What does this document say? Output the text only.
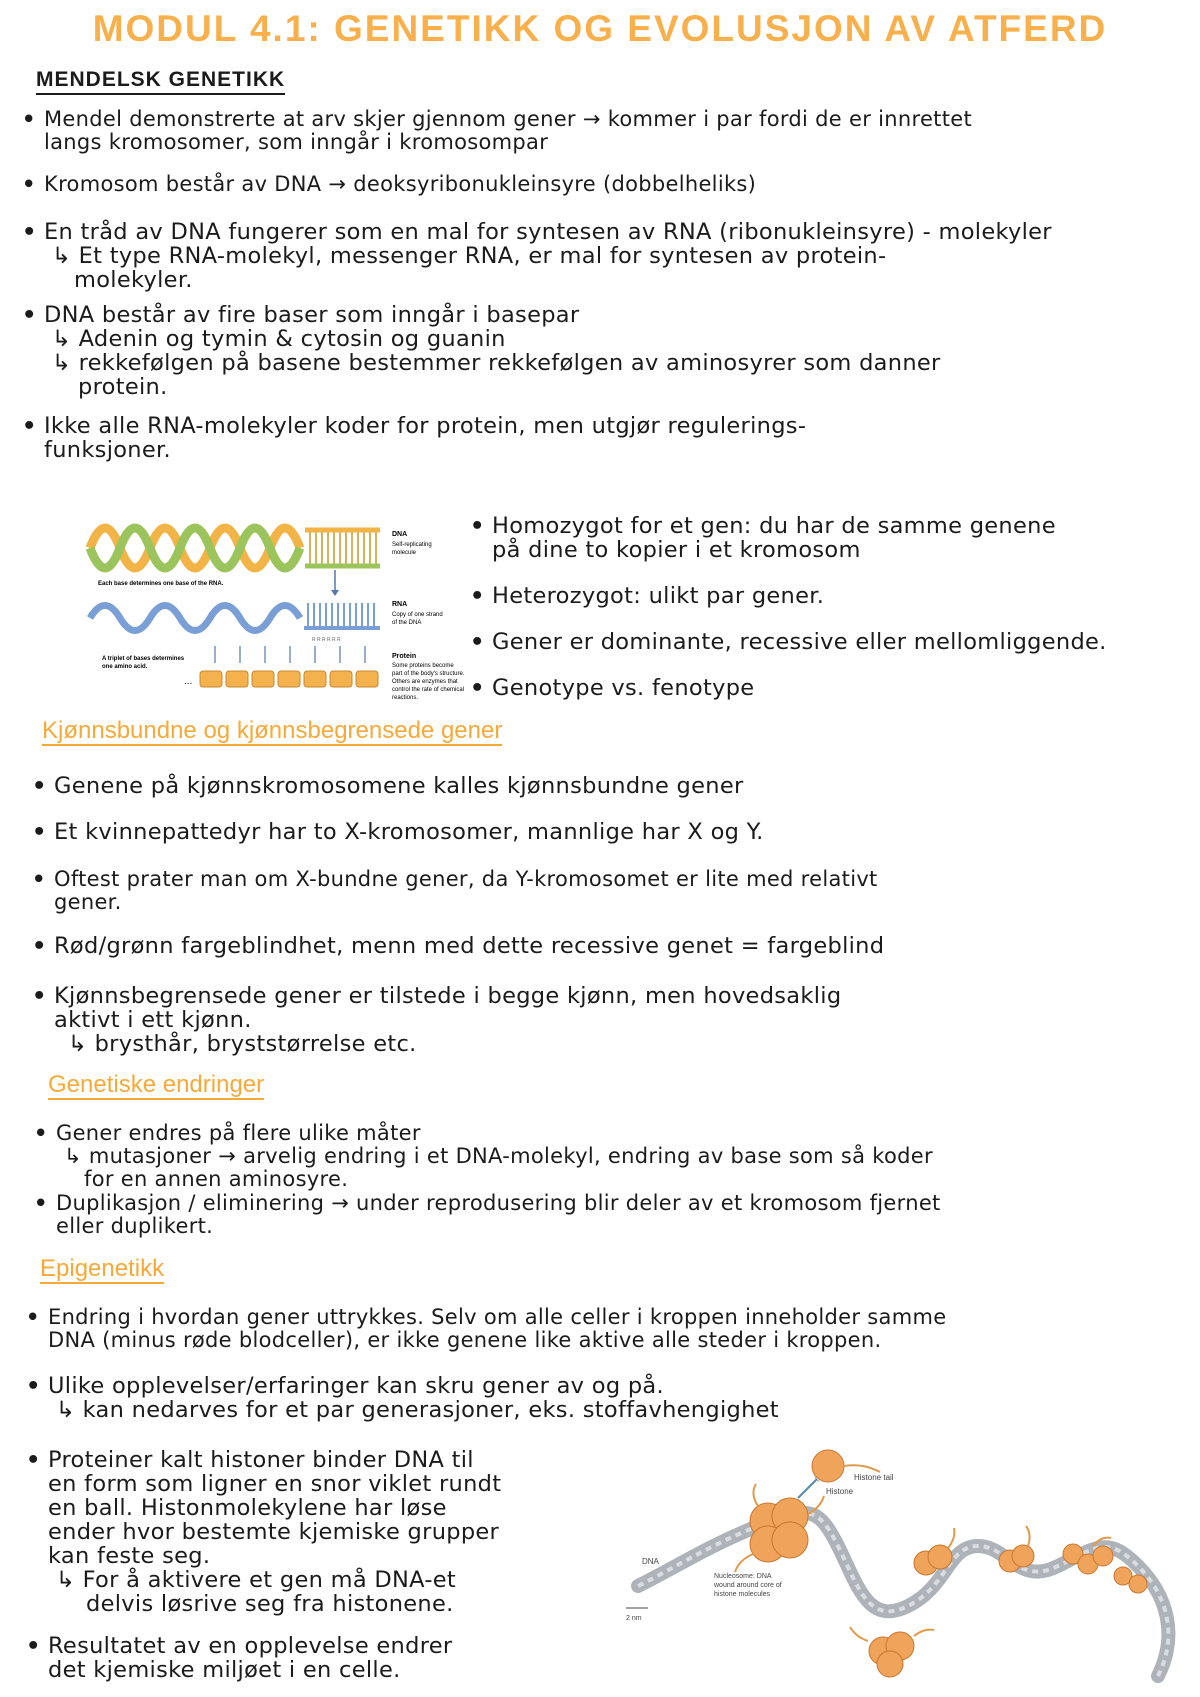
MODUL 4.1: GENETIKK OG EVOLUSJON AV ATFERD
MENDELSK GENETIKK
• Mendel demonstrerte at arv skjer gjennom gener → kommer i par fordi de er innrettet
langs kromosomer, som inngår i kromosompar
• Kromosom består av DNA → deoksyribonukleinsyre (dobbelheliks)
• En tråd av DNA fungerer som en mal for syntesen av RNA (ribonukleinsyre) - molekyler
↳ Et type RNA-molekyl, messenger RNA, er mal for syntesen av protein-
molekyler.
• DNA består av fire baser som inngår i basepar
↳ Adenin og tymin & cytosin og guanin
↳ rekkefølgen på basene bestemmer rekkefølgen av aminosyrer som danner
protein.
• Ikke alle RNA-molekyler koder for protein, men utgjør regulerings-
funksjoner.
DNA
Self-replicating
molecule
Each base determines one base of the RNA.
R R R R R R
RNA
Copy of one strand
of the DNA
A triplet of bases determines
one amino acid.
...
Protein
Some proteins become
part of the body's structure.
Others are enzymes that
control the rate of chemical
reactions.
• Homozygot for et gen: du har de samme genene
på dine to kopier i et kromosom
• Heterozygot: ulikt par gener.
• Gener er dominante, recessive eller mellomliggende.
• Genotype vs. fenotype
Kjønnsbundne og kjønnsbegrensede gener
• Genene på kjønnskromosomene kalles kjønnsbundne gener
• Et kvinnepattedyr har to X-kromosomer, mannlige har X og Y.
• Oftest prater man om X-bundne gener, da Y-kromosomet er lite med relativt
gener.
• Rød/grønn fargeblindhet, menn med dette recessive genet = fargeblind
• Kjønnsbegrensede gener er tilstede i begge kjønn, men hovedsaklig
aktivt i ett kjønn.
↳ brysthår, bryststørrelse etc.
Genetiske endringer
• Gener endres på flere ulike måter
↳ mutasjoner → arvelig endring i et DNA-molekyl, endring av base som så koder
for en annen aminosyre.
• Duplikasjon / eliminering → under reprodusering blir deler av et kromosom fjernet
eller duplikert.
Epigenetikk
• Endring i hvordan gener uttrykkes. Selv om alle celler i kroppen inneholder samme
DNA (minus røde blodceller), er ikke genene like aktive alle steder i kroppen.
• Ulike opplevelser/erfaringer kan skru gener av og på.
↳ kan nedarves for et par generasjoner, eks. stoffavhengighet
• Proteiner kalt histoner binder DNA til
en form som ligner en snor viklet rundt
en ball. Histonmolekylene har løse
ender hvor bestemte kjemiske grupper
kan feste seg.
↳ For å aktivere et gen må DNA-et
delvis løsrive seg fra histonene.
• Resultatet av en opplevelse endrer
det kjemiske miljøet i en celle.
Histone tail
Histone
DNA
Nucleosome: DNA
wound around core of
histone molecules
2 nm
